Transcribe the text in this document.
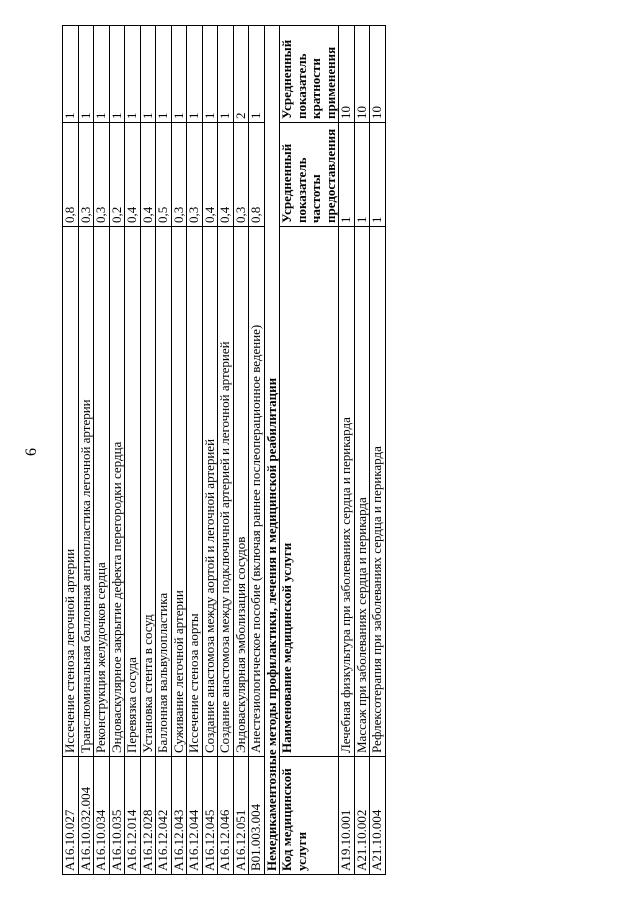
6
A16.10.027	Иссечение стеноза легочной артерии	0,8	1
A16.10.032.004	Транслюминальная баллонная ангиопластика легочной артерии	0,3	1
A16.10.034	Реконструкция желудочков сердца	0,3	1
A16.10.035	Эндоваскулярное закрытие дефекта перегородки сердца	0,2	1
A16.12.014	Перевязка сосуда	0,4	1
A16.12.028	Установка стента в сосуд	0,4	1
A16.12.042	Баллонная вальвулопластика	0,5	1
A16.12.043	Суживание легочной артерии	0,3	1
A16.12.044	Иссечение стеноза аорты	0,3	1
A16.12.045	Создание анастомоза между аортой и легочной артерией	0,4	1
A16.12.046	Создание анастомоза между подключичной артерией и легочной артерией	0,4	1
A16.12.051	Эндоваскулярная эмболизация сосудов	0,3	2
B01.003.004	Анестезиологическое пособие (включая раннее послеоперационное ведение)	0,8	1
Немедикаментозные методы профилактики, лечения и медицинской реабилитации			
Код медицинской услуги	Наименование медицинской услуги	Усредненный показатель частоты предоставления	Усредненный показатель кратности применения
A19.10.001	Лечебная физкультура при заболеваниях сердца и перикарда	1	10
A21.10.002	Массаж при заболеваниях сердца и перикарда	1	10
A21.10.004	Рефлексотерапия при заболеваниях сердца и перикарда	1	10
